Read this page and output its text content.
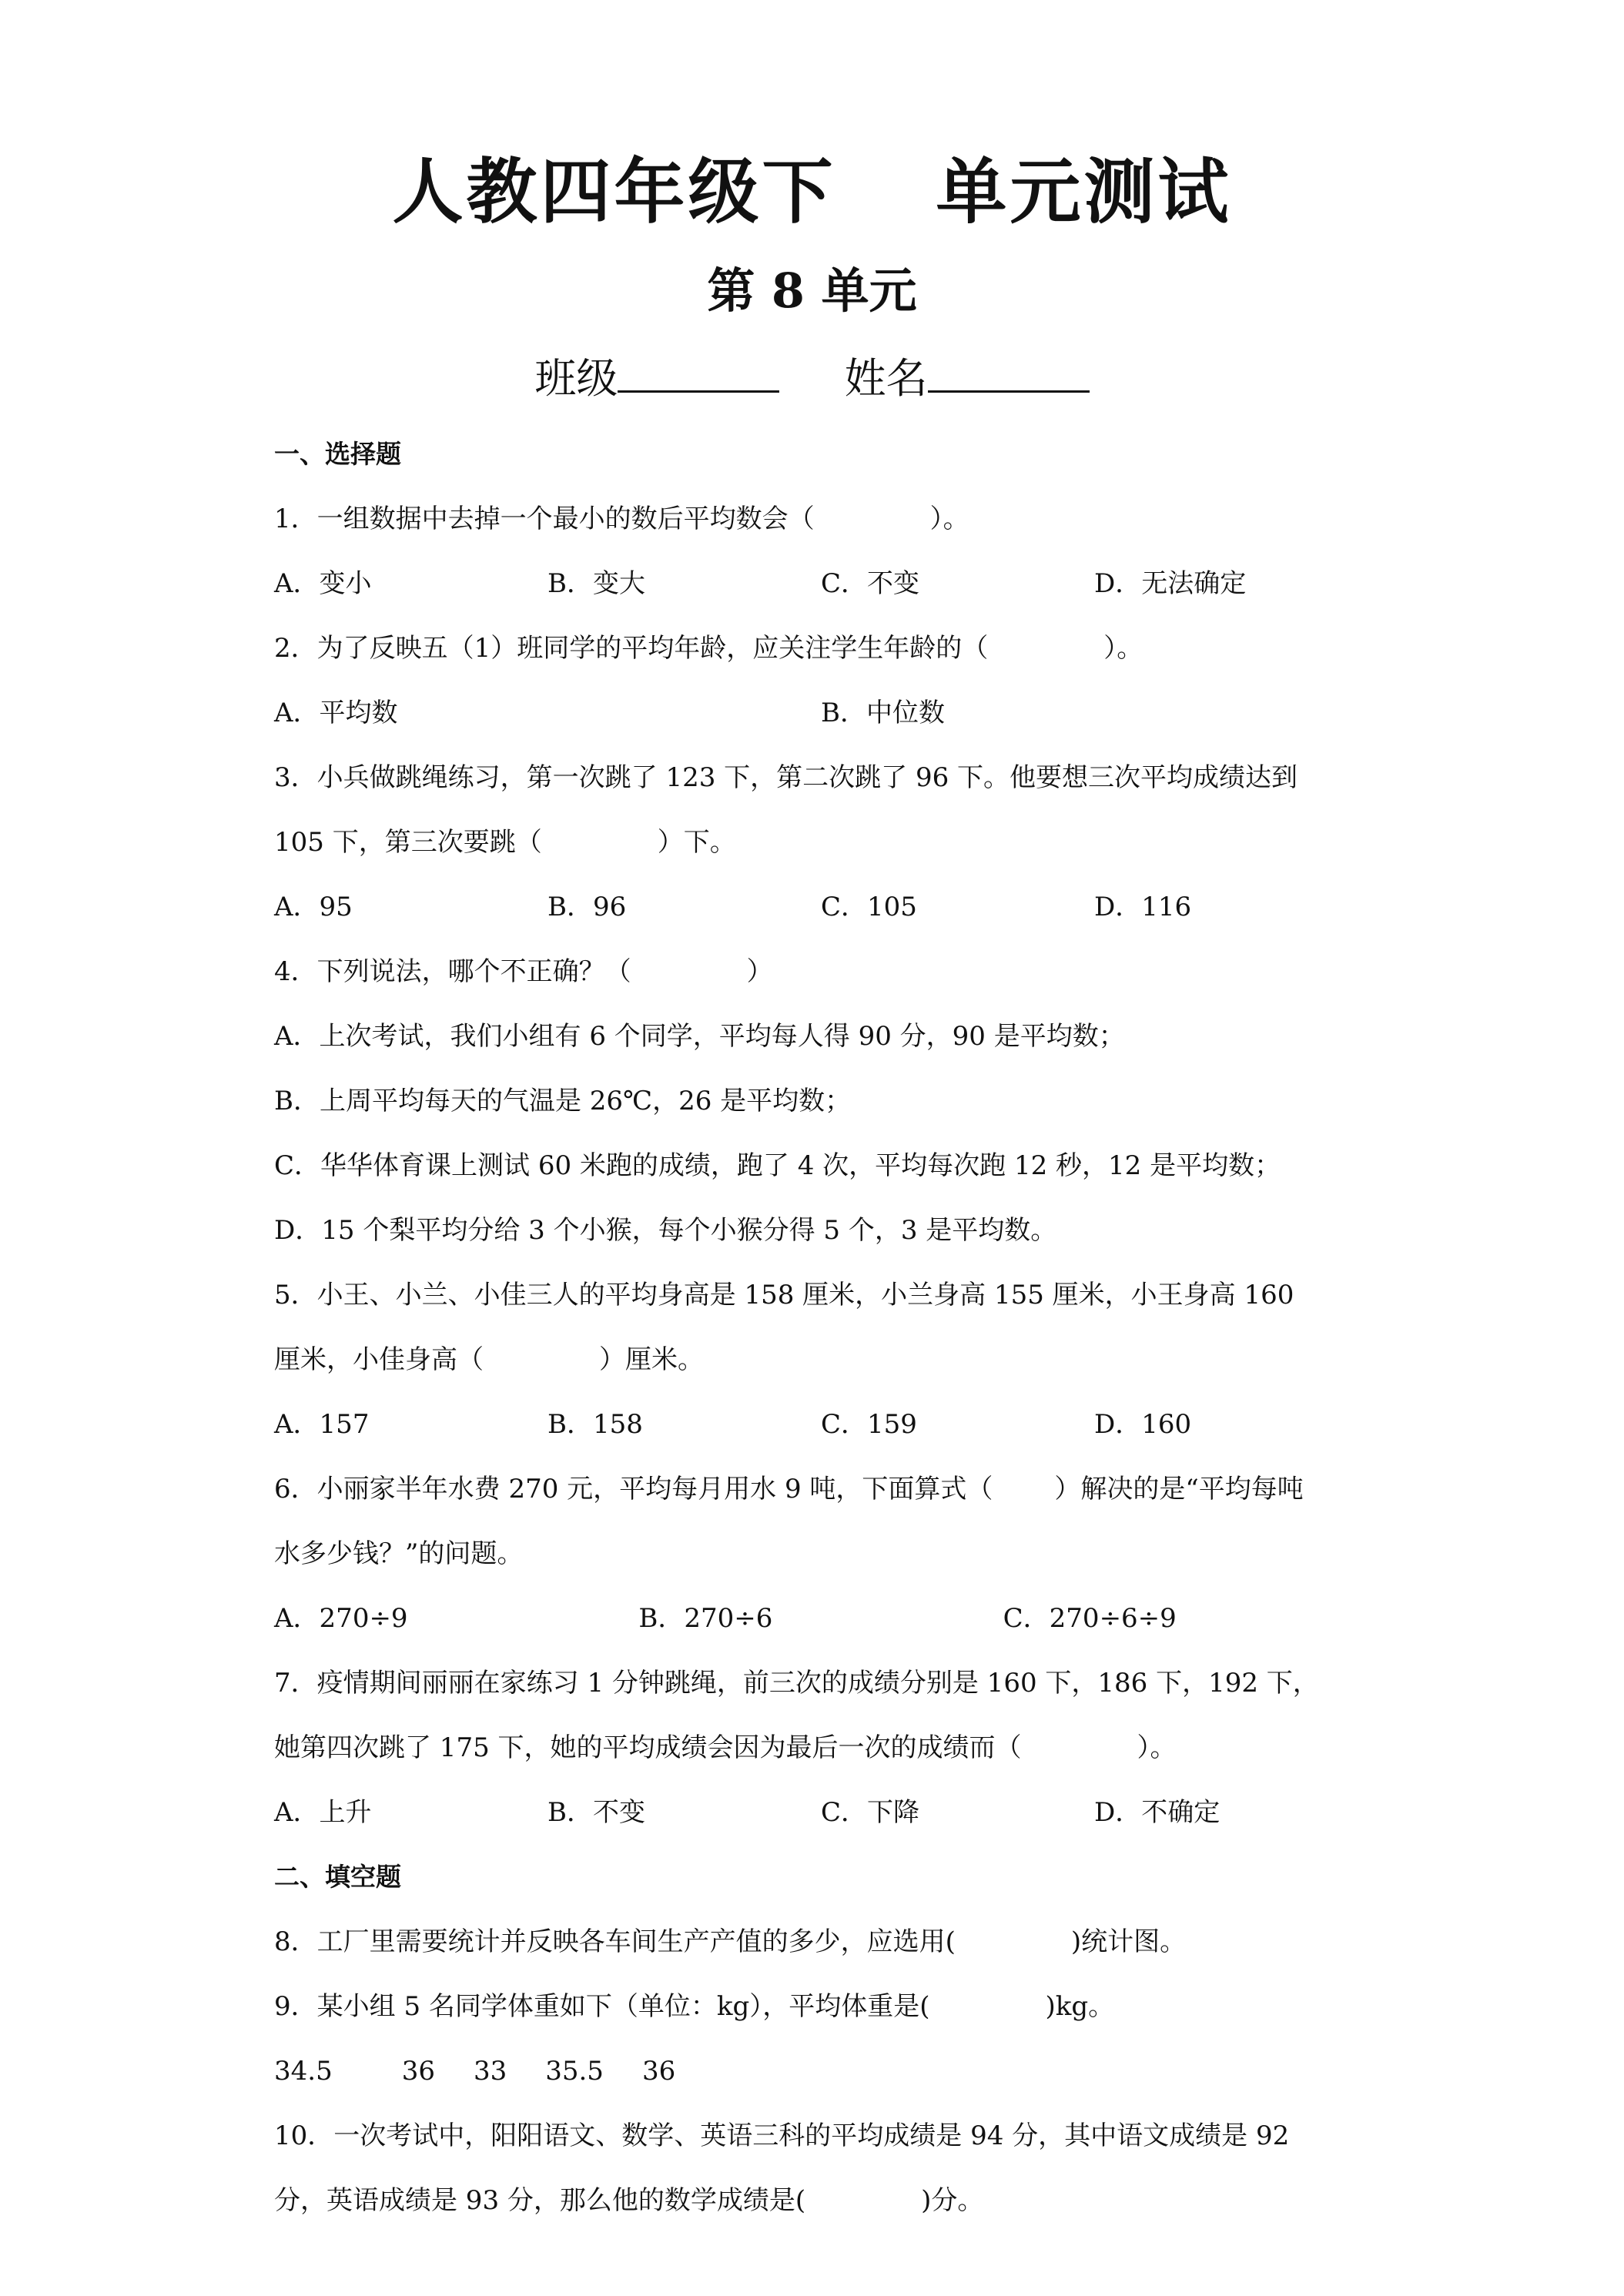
人教四年级下 单元测试
第 8 单元
班级	姓名
一、选择题
1．一组数据中去掉一个最小的数后平均数会（	）。
A．变小	B．变大	C．不变	D．无法确定
2．为了反映五（1）班同学的平均年龄，应关注学生年龄的（	）。
A．平均数	B．中位数
3．小兵做跳绳练习，第一次跳了 123 下，第二次跳了 96 下。他要想三次平均成绩达到
105 下，第三次要跳（	）下。
A．95	B．96	C．105	D．116
4．下列说法，哪个不正确？（	）
A．上次考试，我们小组有 6 个同学，平均每人得 90 分，90 是平均数；
B．上周平均每天的气温是 26℃，26 是平均数；
C．华华体育课上测试 60 米跑的成绩，跑了 4 次，平均每次跑 12 秒，12 是平均数；
D．15 个梨平均分给 3 个小猴，每个小猴分得 5 个，3 是平均数。
5．小王、小兰、小佳三人的平均身高是 158 厘米，小兰身高 155 厘米，小王身高 160
厘米，小佳身高（	）厘米。
A．157	B．158	C．159	D．160
6．小丽家半年水费 270 元，平均每月用水 9 吨，下面算式（ ）解决的是“平均每吨
水多少钱？”的问题。
A．270÷9	B．270÷6	C．270÷6÷9
7．疫情期间丽丽在家练习 1 分钟跳绳，前三次的成绩分别是 160 下，186 下，192 下，
她第四次跳了 175 下，她的平均成绩会因为最后一次的成绩而（	）。
A．上升	B．不变	C．下降	D．不确定
二、填空题
8．工厂里需要统计并反映各车间生产产值的多少，应选用(	)统计图。
9．某小组 5 名同学体重如下（单位：kg），平均体重是(	)kg。
34.5	36 33 35.5 36
10．一次考试中，阳阳语文、数学、英语三科的平均成绩是 94 分，其中语文成绩是 92
分，英语成绩是 93 分，那么他的数学成绩是(	)分。
